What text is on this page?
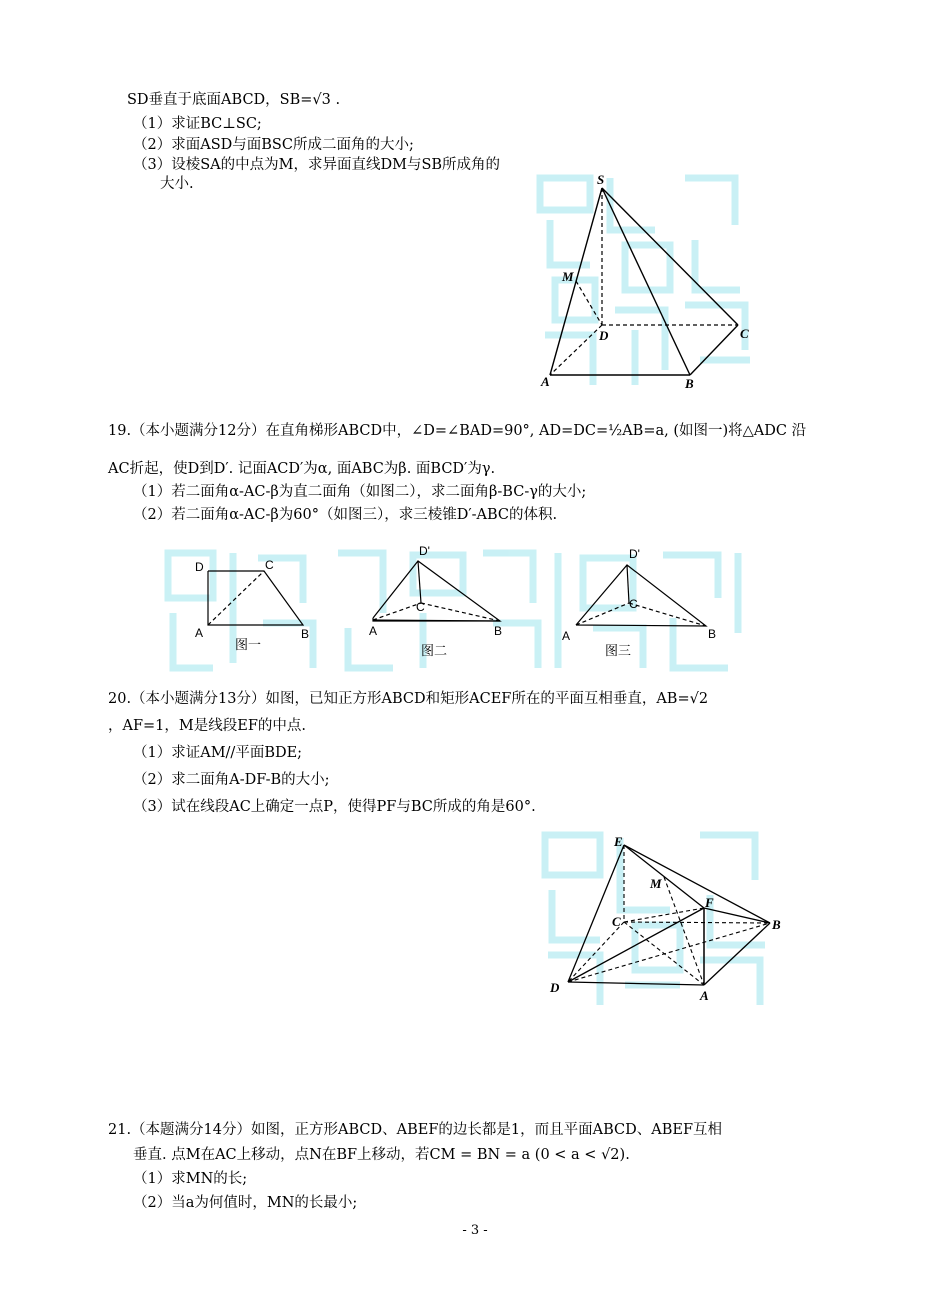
SD垂直于底面ABCD，SB=√3 .
（1）求证BC⊥SC;
（2）求面ASD与面BSC所成二面角的大小;
（3）设棱SA的中点为M，求异面直线DM与SB所成角的
大小.	S
M
D	C
A	B
19.（本小题满分12分）在直角梯形ABCD中，∠D=∠BAD=90°, AD=DC=½AB=a, (如图一)将△ADC 沿
AC折起，使D到D′. 记面ACD′为α, 面ABC为β. 面BCD′为γ.
（1）若二面角α-AC-β为直二面角（如图二），求二面角β-BC-γ的大小;
（2）若二面角α-AC-β为60°（如图三），求三棱锥D′-ABC的体积.
D	C
A	B
图一
D'
C
A	B
图二
D'
C
A	B
图三
20.（本小题满分13分）如图，已知正方形ABCD和矩形ACEF所在的平面互相垂直，AB=√2
，AF=1，M是线段EF的中点.
（1）求证AM//平面BDE;
（2）求二面角A-DF-B的大小;
（3）试在线段AC上确定一点P，使得PF与BC所成的角是60°.
E
M
F
C	B
D
A
21.（本题满分14分）如图，正方形ABCD、ABEF的边长都是1，而且平面ABCD、ABEF互相
垂直. 点M在AC上移动，点N在BF上移动，若CM = BN = a (0 < a < √2).
（1）求MN的长;
（2）当a为何值时，MN的长最小;
- 3 -
